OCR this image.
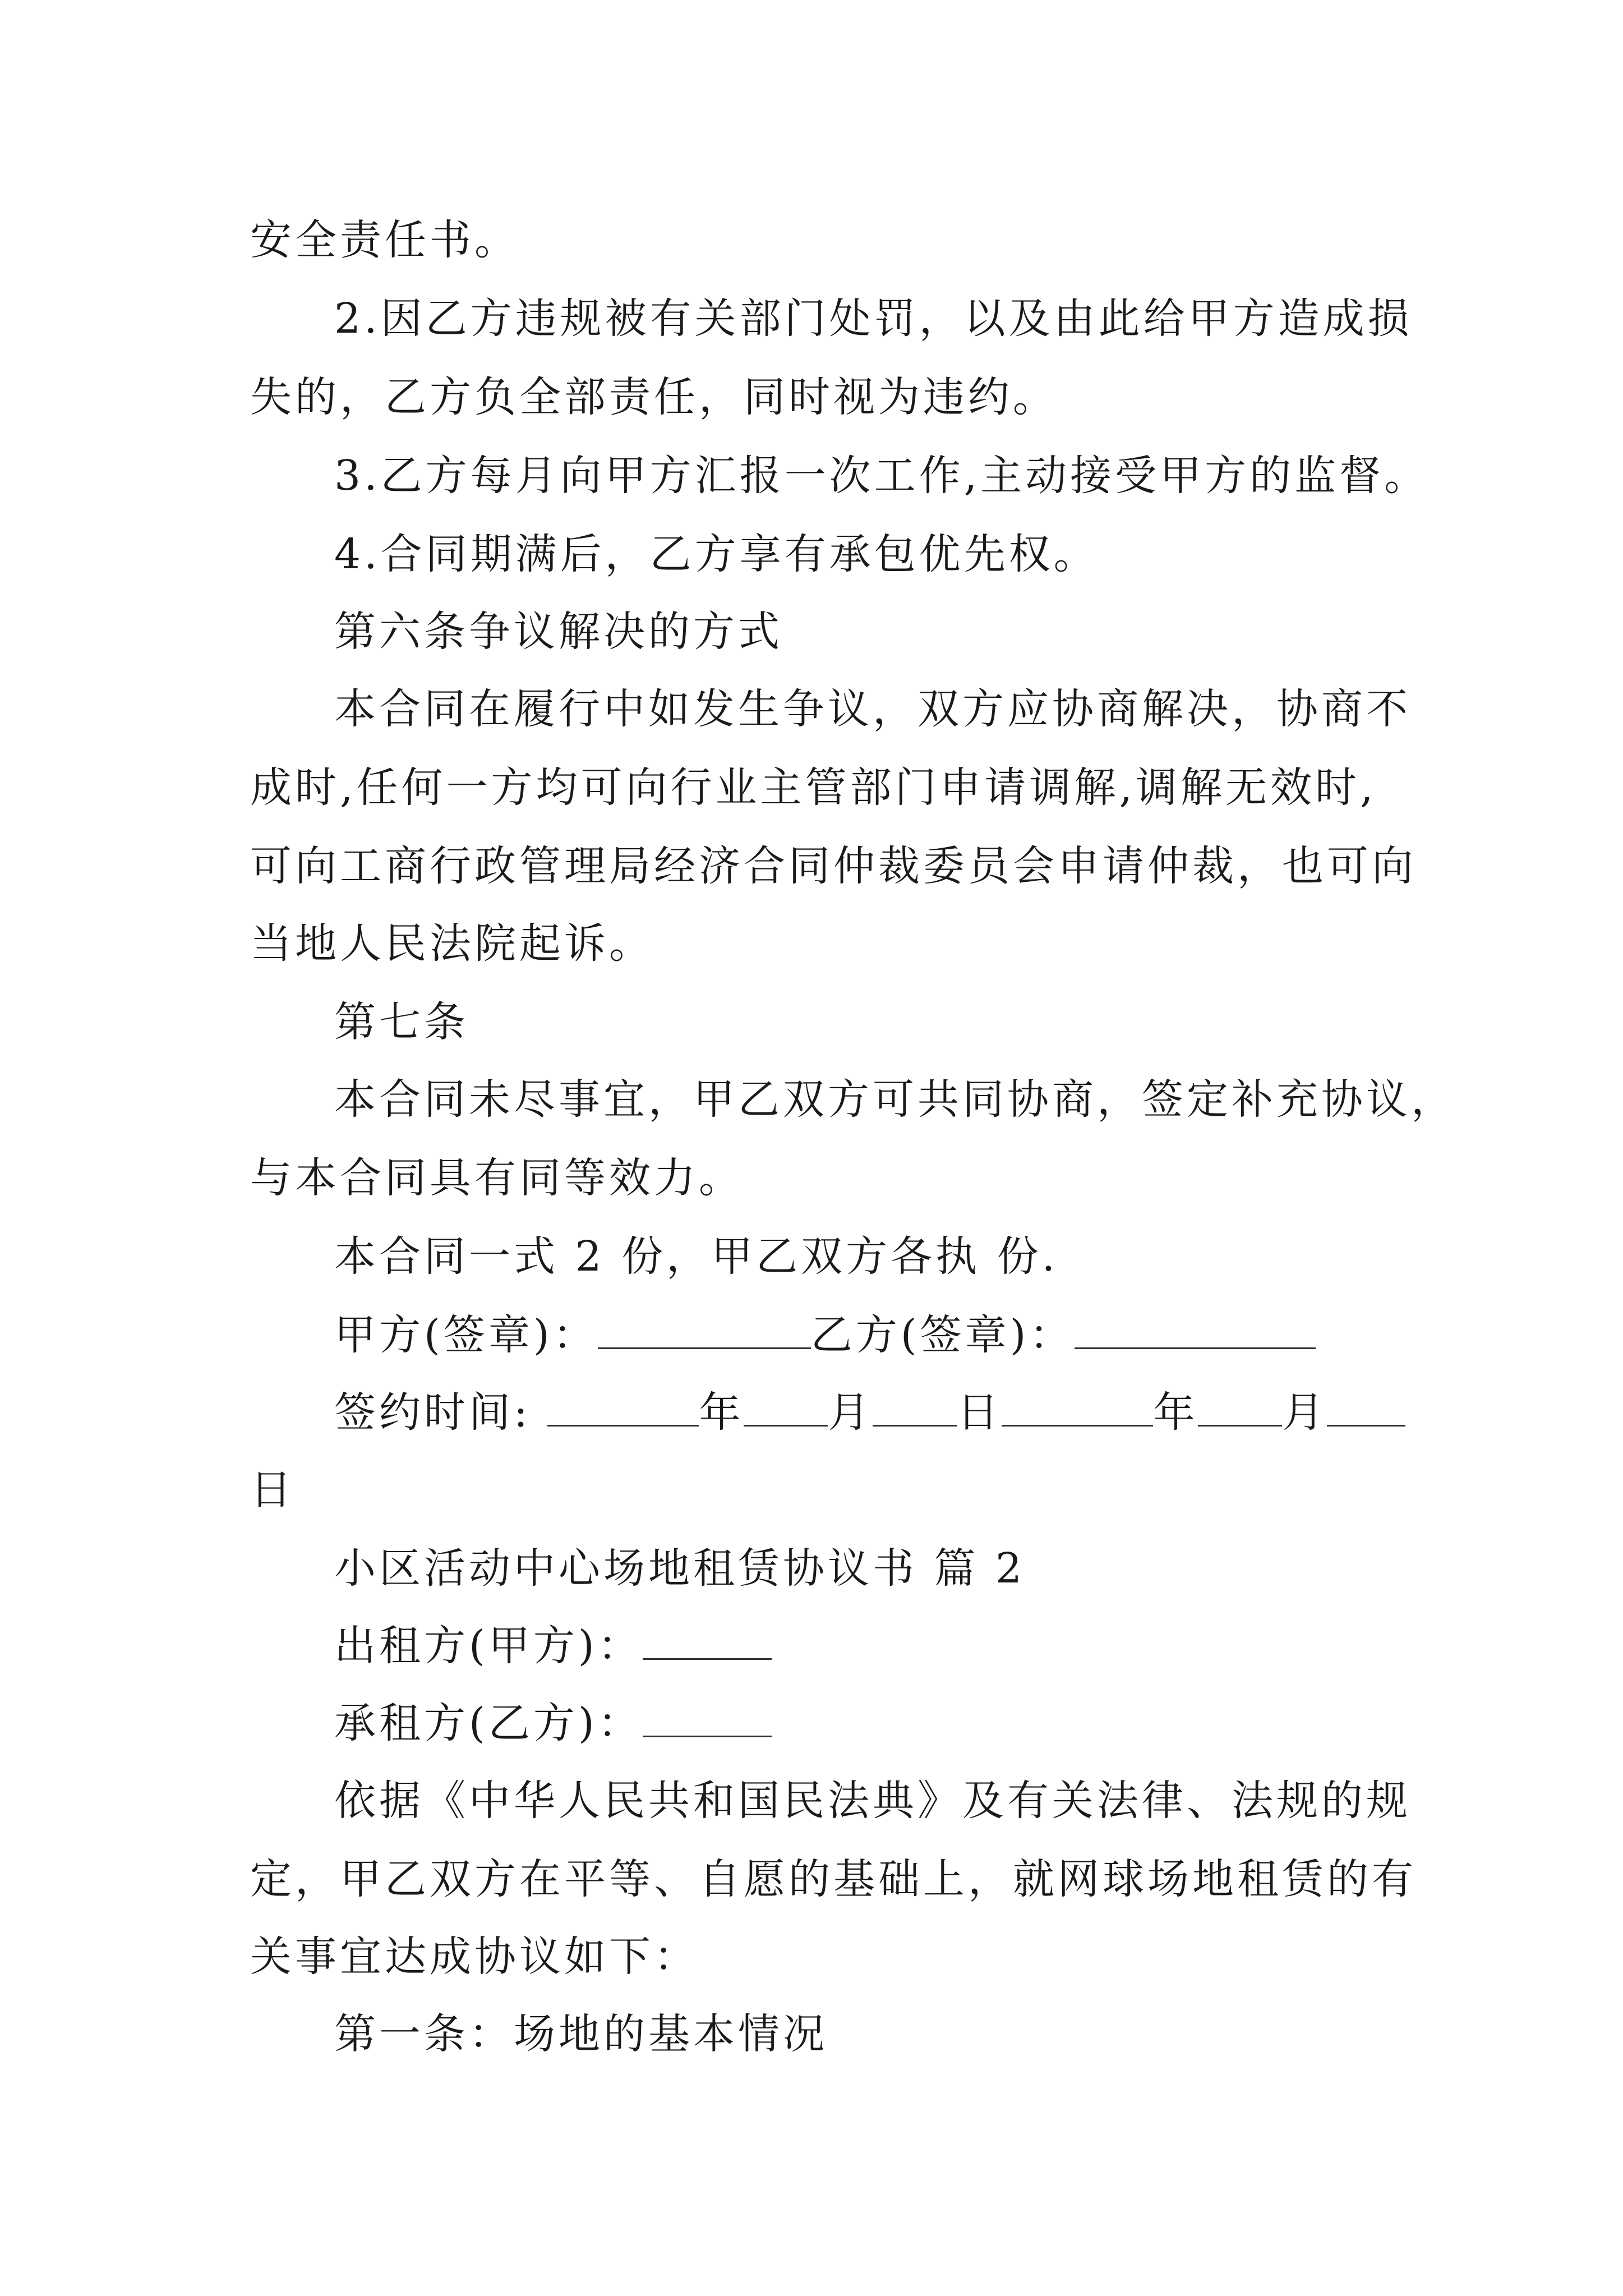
安全责任书。
2.因乙方违规被有关部门处罚，以及由此给甲方造成损
失的，乙方负全部责任，同时视为违约。
3.乙方每月向甲方汇报一次工作,主动接受甲方的监督。
4.合同期满后，乙方享有承包优先权。
第六条争议解决的方式
本合同在履行中如发生争议，双方应协商解决，协商不
成时,任何一方均可向行业主管部门申请调解,调解无效时,
可向工商行政管理局经济合同仲裁委员会申请仲裁，也可向
当地人民法院起诉。
第七条
本合同未尽事宜，甲乙双方可共同协商，签定补充协议，
与本合同具有同等效力。
本合同一式 2 份，甲乙双方各执 份.
甲方(签章)：	乙方(签章)：
签约时间:	年 月 日	年 月
日
小区活动中心场地租赁协议书 篇 2
出租方(甲方)：
承租方(乙方)：
依据《中华人民共和国民法典》及有关法律、法规的规
定，甲乙双方在平等、自愿的基础上，就网球场地租赁的有
关事宜达成协议如下：
第一条：场地的基本情况
